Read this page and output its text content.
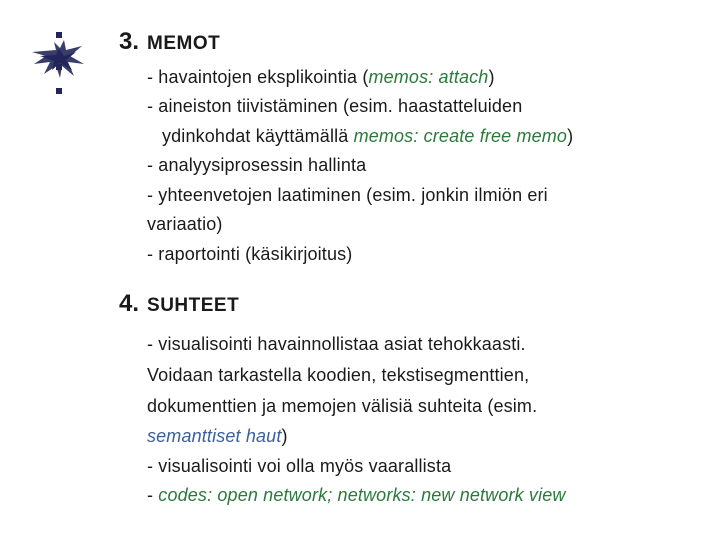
3. MEMOT
- havaintojen eksplikointia (memos: attach)
- aineiston tiivistäminen (esim. haastatteluiden
ydinkohdat käyttämällä memos: create free memo)
- analyysiprosessin hallinta
- yhteenvetojen laatiminen (esim. jonkin ilmiön eri
variaatio)
- raportointi (käsikirjoitus)
4. SUHTEET
- visualisointi havainnollistaa asiat tehokkaasti.
Voidaan tarkastella koodien, tekstisegmenttien,
dokumenttien ja memojen välisiä suhteita (esim.
semanttiset haut)
- visualisointi voi olla myös vaarallista
- codes: open network; networks: new network view
